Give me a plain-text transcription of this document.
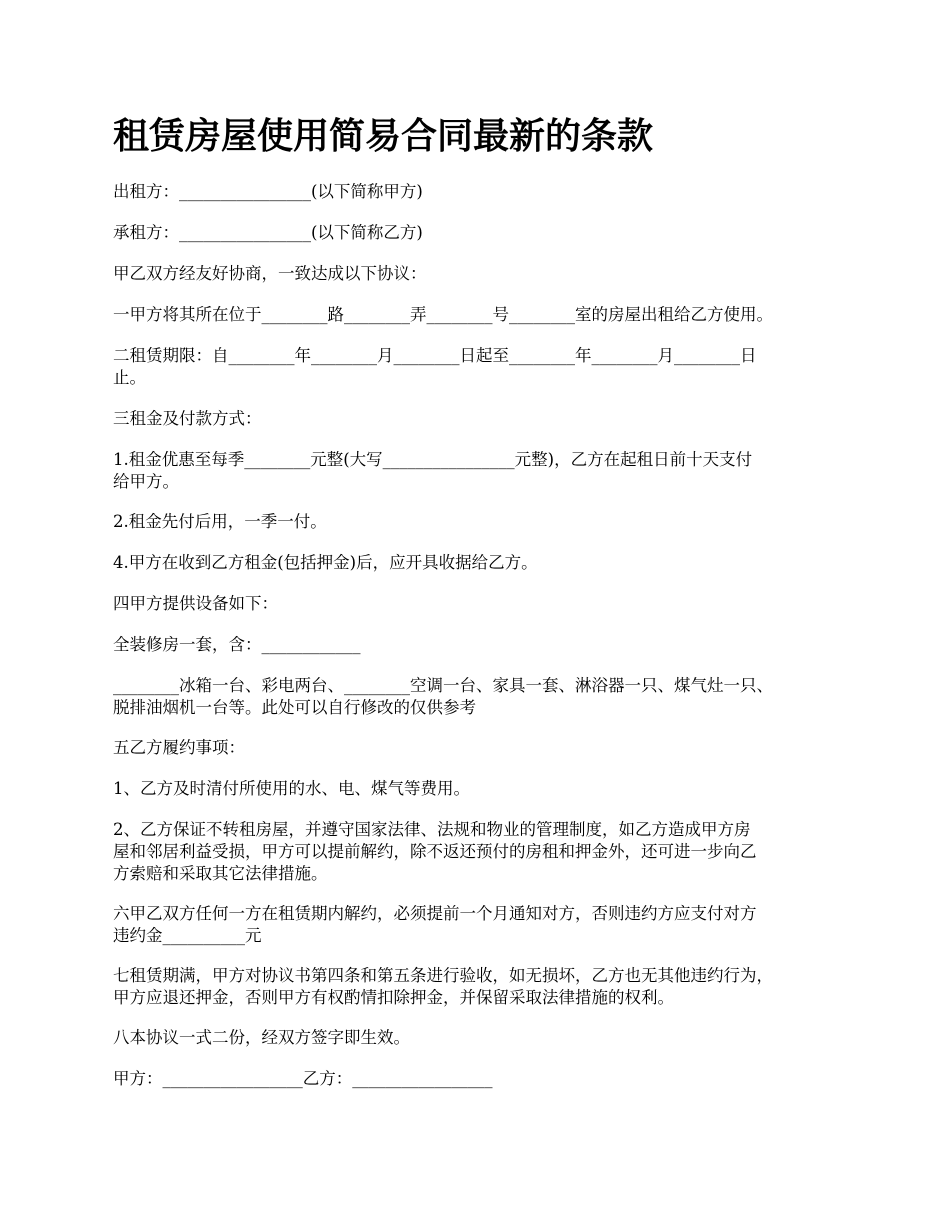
租赁房屋使用简易合同最新的条款

出租方：________________(以下简称甲方)

承租方：________________(以下简称乙方)

甲乙双方经友好协商，一致达成以下协议：

一甲方将其所在位于________路________弄________号________室的房屋出租给乙方使用。

二租赁期限：自________年________月________日起至________年________月________日
止。

三租金及付款方式：

1.租金优惠至每季________元整(大写________________元整)，乙方在起租日前十天支付
给甲方。

2.租金先付后用，一季一付。

4.甲方在收到乙方租金(包括押金)后，应开具收据给乙方。

四甲方提供设备如下：

全装修房一套，含：____________

________冰箱一台、彩电两台、________空调一台、家具一套、淋浴器一只、煤气灶一只、
脱排油烟机一台等。此处可以自行修改的仅供参考

五乙方履约事项：

1、乙方及时清付所使用的水、电、煤气等费用。

2、乙方保证不转租房屋，并遵守国家法律、法规和物业的管理制度，如乙方造成甲方房
屋和邻居利益受损，甲方可以提前解约，除不返还预付的房租和押金外，还可进一步向乙
方索赔和采取其它法律措施。

六甲乙双方任何一方在租赁期内解约，必须提前一个月通知对方，否则违约方应支付对方
违约金__________元

七租赁期满，甲方对协议书第四条和第五条进行验收，如无损坏，乙方也无其他违约行为，
甲方应退还押金，否则甲方有权酌情扣除押金，并保留采取法律措施的权利。

八本协议一式二份，经双方签字即生效。

甲方：_________________乙方：_________________
